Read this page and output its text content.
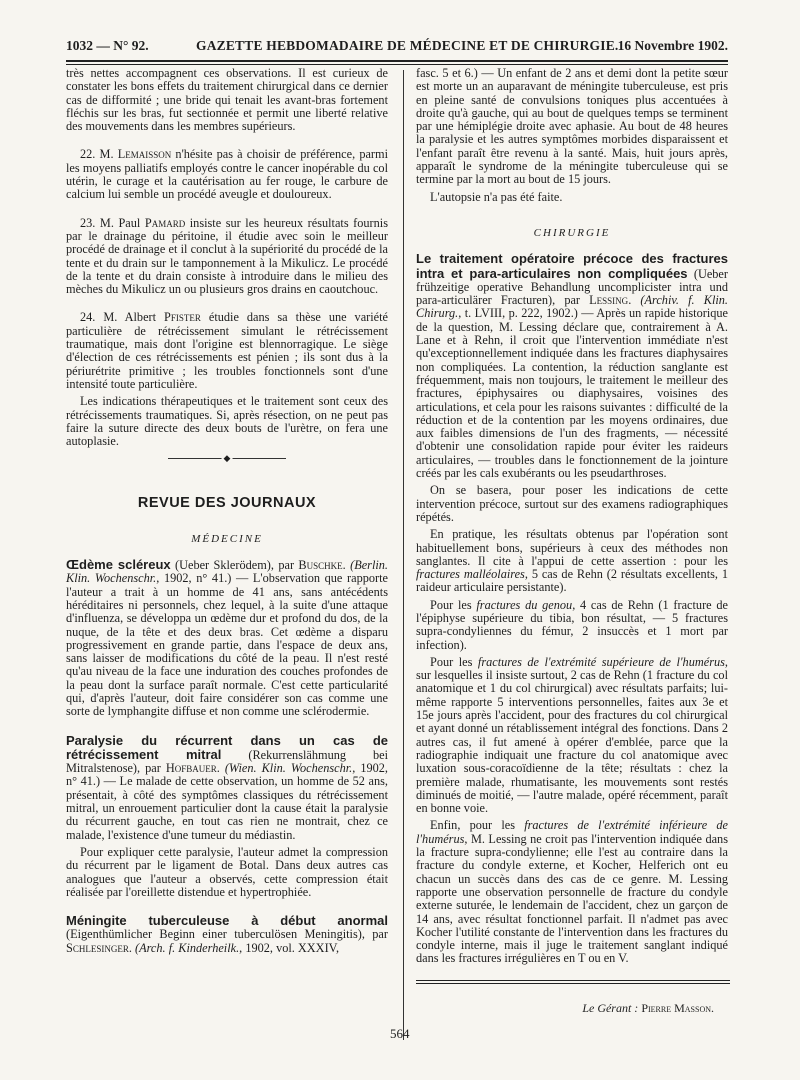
1032 — N° 92.	GAZETTE HEBDOMADAIRE DE MÉDECINE ET DE CHIRURGIE. 16 Novembre 1902.

très nettes accompagnent ces observations. Il est curieux de constater les bons effets du traitement chirurgical dans ce dernier cas de difformité ; une bride qui tenait les avant-bras fortement fléchis sur les bras, fut sectionnée et permit une liberté relative des mouvements dans les membres supérieurs.

22. M. Lemaisson n'hésite pas à choisir de préférence, parmi les moyens palliatifs employés contre le cancer inopérable du col utérin, le curage et la cautérisation au fer rouge, le carbure de calcium lui semble un procédé aveugle et douloureux.

23. M. Paul Pamard insiste sur les heureux résultats fournis par le drainage du péritoine, il étudie avec soin le meilleur procédé de drainage et il conclut à la supériorité du procédé de la tente et du drain sur le tamponnement à la Mikulicz. Le procédé de la tente et du drain consiste à introduire dans le milieu des mèches du Mikulicz un ou plusieurs gros drains en caoutchouc.

24. M. Albert Pfister étudie dans sa thèse une variété particulière de rétrécissement simulant le rétrécissement traumatique, mais dont l'origine est blennorragique. Le siège d'élection de ces rétrécissements est pénien ; ils sont dus à la périurétrite primitive ; les troubles fonctionnels sont d'une intensité toute particulière.

Les indications thérapeutiques et le traitement sont ceux des rétrécissements traumatiques. Si, après résection, on ne peut pas faire la suture directe des deux bouts de l'urètre, on fera une autoplasie.

◆
REVUE DES JOURNAUX
MÉDECINE

Œdème scléreux (Ueber Sklerödem), par Buschke. (Berlin. Klin. Wochenschr., 1902, n° 41.) — L'observation que rapporte l'auteur a trait à un homme de 41 ans, sans antécédents héréditaires ni personnels, chez lequel, à la suite d'une attaque d'influenza, se développa un œdème dur et profond du dos, de la nuque, de la tête et des deux bras. Cet œdème a disparu progressivement en grande partie, dans l'espace de deux ans, sans laisser de modifications du côté de la peau. Il n'est resté qu'au niveau de la face une induration des couches profondes de la peau dont la surface paraît normale. C'est cette particularité qui, d'après l'auteur, doit faire considérer son cas comme une sorte de lymphangite diffuse et non comme une sclérodermie.

Paralysie du récurrent dans un cas de rétrécissement mitral (Rekurrenslähmung bei Mitralstenose), par Hofbauer. (Wien. Klin. Wochenschr., 1902, n° 41.) — Le malade de cette observation, un homme de 52 ans, présentait, à côté des symptômes classiques du rétrécissement mitral, un enrouement particulier dont la cause était la paralysie du récurrent gauche, en tout cas rien ne montrait, chez ce malade, l'existence d'une tumeur du médiastin.

Pour expliquer cette paralysie, l'auteur admet la compression du récurrent par le ligament de Botal. Dans deux autres cas analogues que l'auteur a observés, cette compression était réalisée par l'oreillette distendue et hypertrophiée.

Méningite tuberculeuse à début anormal (Eigenthümlicher Beginn einer tuberculösen Meningitis), par Schlesinger. (Arch. f. Kinderheilk., 1902, vol. XXXIV,

fasc. 5 et 6.) — Un enfant de 2 ans et demi dont la petite sœur est morte un an auparavant de méningite tuberculeuse, est pris en pleine santé de convulsions toniques plus accentuées à droite qu'à gauche, qui au bout de quelques temps se terminent par une hémiplégie droite avec aphasie. Au bout de 48 heures la paralysie et les autres symptômes morbides disparaissent et l'enfant paraît être revenu à la santé. Mais, huit jours après, apparaît le syndrome de la méningite tuberculeuse qui se termine par la mort au bout de 15 jours.

L'autopsie n'a pas été faite.

CHIRURGIE

Le traitement opératoire précoce des fractures intra et para-articulaires non compliquées (Ueber frühzeitige operative Behandlung uncomplicister intra und para-articulärer Fracturen), par Lessing. (Archiv. f. Klin. Chirurg., t. LVIII, p. 222, 1902.) — Après un rapide historique de la question, M. Lessing déclare que, contrairement à A. Lane et à Rehn, il croit que l'intervention immédiate n'est qu'exceptionnellement indiquée dans les fractures diaphysaires non compliquées. La contention, la réduction sanglante est fréquemment, mais non toujours, le traitement le meilleur des fractures, épiphysaires ou diaphysaires, voisines des articulations, et cela pour les raisons suivantes : difficulté de la réduction et de la contention par les moyens ordinaires, due aux faibles dimensions de l'un des fragments, — nécessité d'obtenir une consolidation rapide pour éviter les raideurs articulaires, — troubles dans le fonctionnement de la jointure créés par les cals exubérants ou les pseudarthroses.

On se basera, pour poser les indications de cette intervention précoce, surtout sur des examens radiographiques répétés.

En pratique, les résultats obtenus par l'opération sont habituellement bons, supérieurs à ceux des méthodes non sanglantes. Il cite à l'appui de cette assertion : pour les fractures malléolaires, 5 cas de Rehn (2 résultats excellents, 1 raideur articulaire persistante).

Pour les fractures du genou, 4 cas de Rehn (1 fracture de l'épiphyse supérieure du tibia, bon résultat, — 5 fractures supra-condyliennes du fémur, 2 insuccès et 1 mort par infection).

Pour les fractures de l'extrémité supérieure de l'humérus, sur lesquelles il insiste surtout, 2 cas de Rehn (1 fracture du col anatomique et 1 du col chirurgical) avec résultats parfaits; lui-même rapporte 5 interventions personnelles, faites aux 3e et 15e jours après l'accident, pour des fractures du col chirurgical et ayant donné un rétablissement intégral des fonctions. Dans 2 autres cas, il fut amené à opérer d'emblée, parce que la radiographie indiquait une fracture du col anatomique avec luxation sous-coracoïdienne de la tête; résultats : chez la première malade, rhumatisante, les mouvements sont restés diminués de moitié, — l'autre malade, opéré récemment, paraît en bonne voie.

Enfin, pour les fractures de l'extrémité inférieure de l'humérus, M. Lessing ne croit pas l'intervention indiquée dans la fracture supra-condylienne; elle l'est au contraire dans la fracture du condyle externe, et Kocher, Helferich ont eu chacun un succès dans des cas de ce genre. M. Lessing rapporte une observation personnelle de fracture du condyle externe suturée, le lendemain de l'accident, chez un garçon de 14 ans, avec résultat fonctionnel parfait. Il n'admet pas avec Kocher l'utilité constante de l'intervention dans les fractures du condyle interne, mais il juge le traitement sanglant indiqué dans les fractures irrégulières en T ou en V.

Le Gérant : Pierre Masson.
564
